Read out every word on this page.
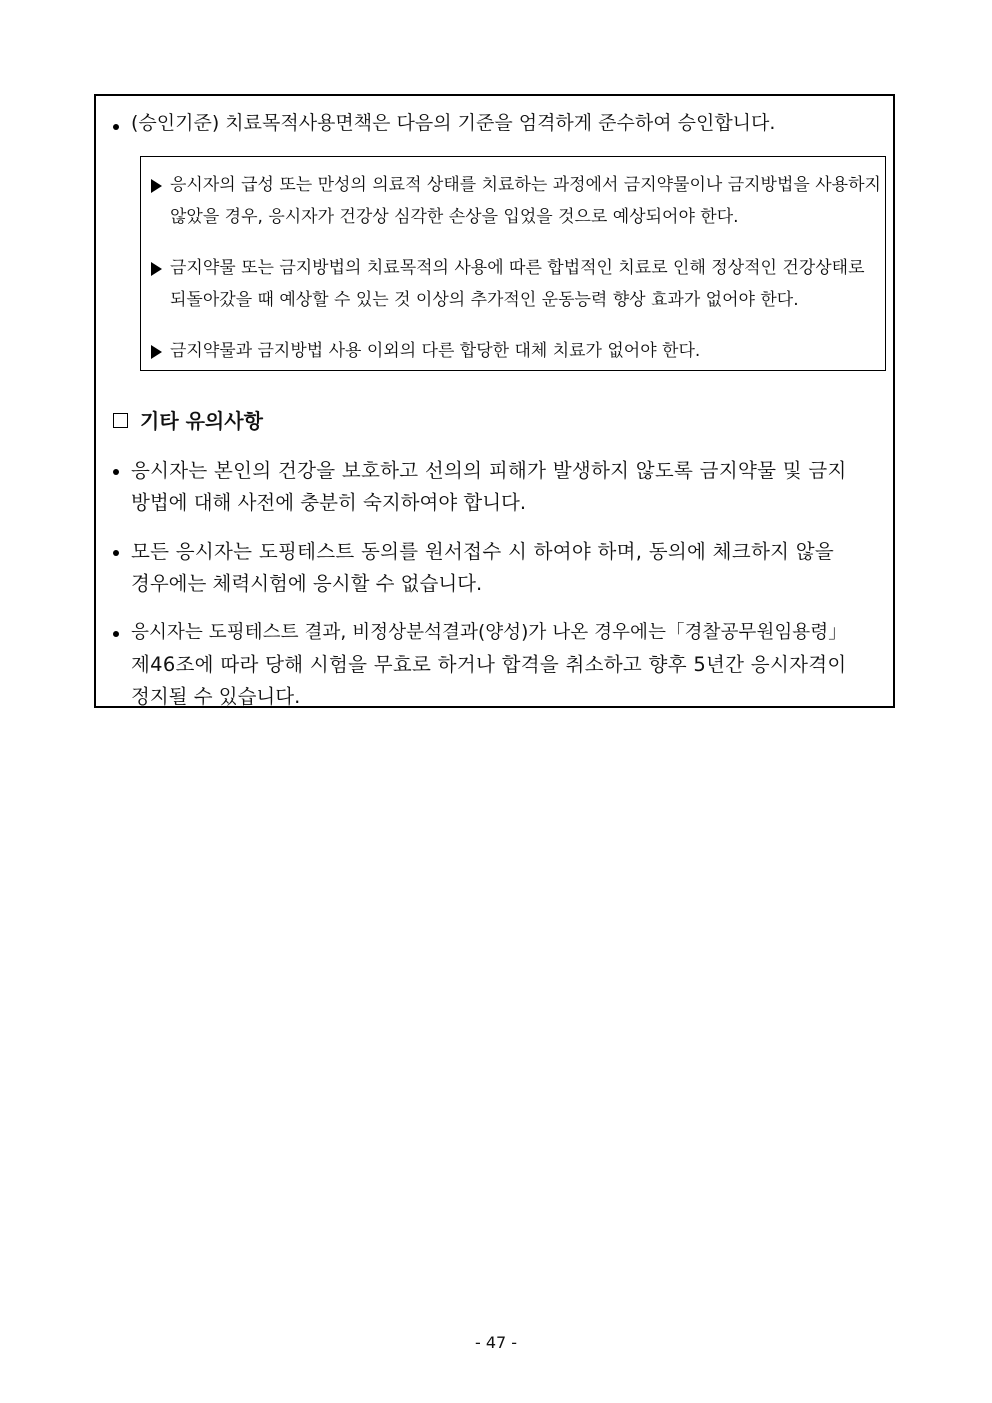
(승인기준) 치료목적사용면책은 다음의 기준을 엄격하게 준수하여 승인합니다.
응시자의 급성 또는 만성의 의료적 상태를 치료하는 과정에서 금지약물이나 금지방법을 사용하지
않았을 경우, 응시자가 건강상 심각한 손상을 입었을 것으로 예상되어야 한다.
금지약물 또는 금지방법의 치료목적의 사용에 따른 합법적인 치료로 인해 정상적인 건강상태로
되돌아갔을 때 예상할 수 있는 것 이상의 추가적인 운동능력 향상 효과가 없어야 한다.
금지약물과 금지방법 사용 이외의 다른 합당한 대체 치료가 없어야 한다.
기타 유의사항
응시자는 본인의 건강을 보호하고 선의의 피해가 발생하지 않도록 금지약물 및 금지
방법에 대해 사전에 충분히 숙지하여야 합니다.
모든 응시자는 도핑테스트 동의를 원서접수 시 하여야 하며, 동의에 체크하지 않을
경우에는 체력시험에 응시할 수 없습니다.
응시자는 도핑테스트 결과, 비정상분석결과(양성)가 나온 경우에는「경찰공무원임용령」
제46조에 따라 당해 시험을 무효로 하거나 합격을 취소하고 향후 5년간 응시자격이
정지될 수 있습니다.
- 47 -
